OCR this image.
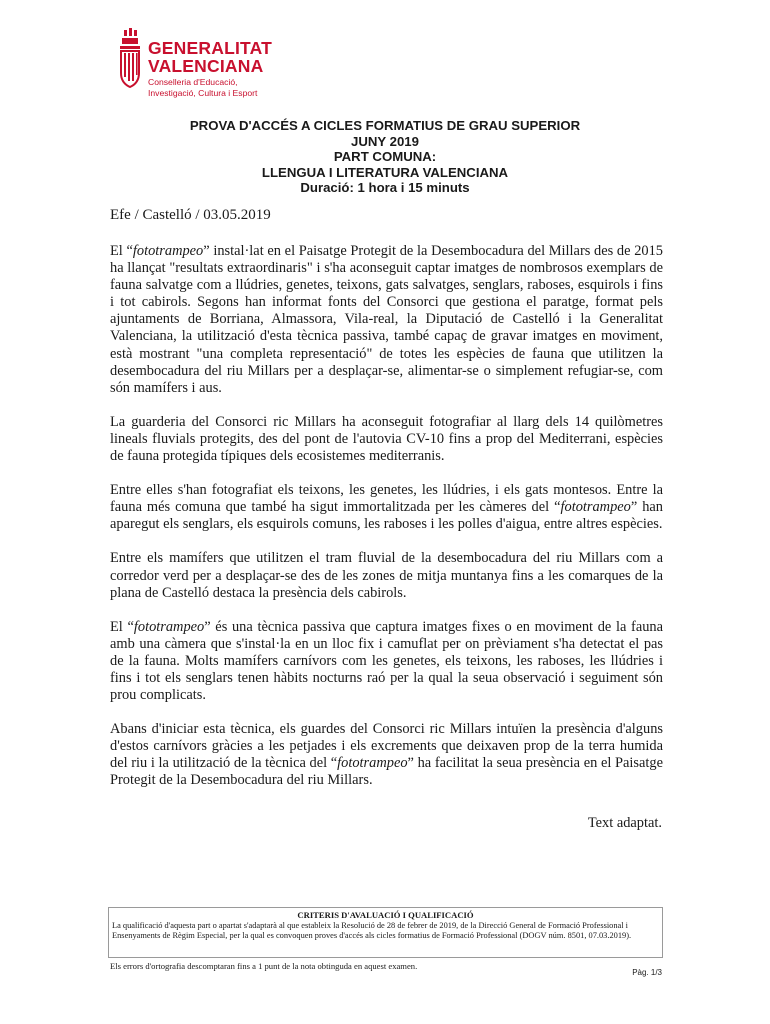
GENERALITAT
VALENCIANA
Conselleria d'Educació,
Investigació, Cultura i Esport
PROVA D'ACCÉS A CICLES FORMATIUS DE GRAU SUPERIOR
JUNY 2019
PART COMUNA:
LLENGUA I LITERATURA VALENCIANA
Duració: 1 hora i 15 minuts
Efe / Castelló / 03.05.2019

El “fototrampeo” instal·lat en el Paisatge Protegit de la Desembocadura del Millars des de 2015 ha llançat "resultats extraordinaris" i s'ha aconseguit captar imatges de nombrosos exemplars de fauna salvatge com a llúdries, genetes, teixons, gats salvatges, senglars, raboses, esquirols i fins i tot cabirols. Segons han informat fonts del Consorci que gestiona el paratge, format pels ajuntaments de Borriana, Almassora, Vila-real, la Diputació de Castelló i la Generalitat Valenciana, la utilització d'esta tècnica passiva, també capaç de gravar imatges en moviment, està mostrant "una completa representació" de totes les espècies de fauna que utilitzen la desembocadura del riu Millars per a desplaçar-se, alimentar-se o simplement refugiar-se, com són mamífers i aus.

La guarderia del Consorci ric Millars ha aconseguit fotografiar al llarg dels 14 quilòmetres lineals fluvials protegits, des del pont de l'autovia CV-10 fins a prop del Mediterrani, espècies de fauna protegida típiques dels ecosistemes mediterranis.

Entre elles s'han fotografiat els teixons, les genetes, les llúdries, i els gats montesos. Entre la fauna més comuna que també ha sigut immortalitzada per les càmeres del “fototrampeo” han aparegut els senglars, els esquirols comuns, les raboses i les polles d'aigua, entre altres espècies.

Entre els mamífers que utilitzen el tram fluvial de la desembocadura del riu Millars com a corredor verd per a desplaçar-se des de les zones de mitja muntanya fins a les comarques de la plana de Castelló destaca la presència dels cabirols.

El “fototrampeo” és una tècnica passiva que captura imatges fixes o en moviment de la fauna amb una càmera que s'instal·la en un lloc fix i camuflat per on prèviament s'ha detectat el pas de la fauna. Molts mamífers carnívors com les genetes, els teixons, les raboses, les llúdries i fins i tot els senglars tenen hàbits nocturns raó per la qual la seua observació i seguiment són prou complicats.

Abans d'iniciar esta tècnica, els guardes del Consorci ric Millars intuïen la presència d'alguns d'estos carnívors gràcies a les petjades i els excrements que deixaven prop de la terra humida del riu i la utilització de la tècnica del “fototrampeo” ha facilitat la seua presència en el Paisatge Protegit de la Desembocadura del riu Millars.

Text adaptat.
CRITERIS D'AVALUACIÓ I QUALIFICACIÓ
La qualificació d'aquesta part o apartat s'adaptarà al que estableix la Resolució de 28 de febrer de 2019, de la Direcció General de Formació Professional i Ensenyaments de Règim Especial, per la qual es convoquen proves d'accés als cicles formatius de Formació Professional (DOGV núm. 8501, 07.03.2019).
Els errors d'ortografia descomptaran fins a 1 punt de la nota obtinguda en aquest examen.
Pàg. 1/3
